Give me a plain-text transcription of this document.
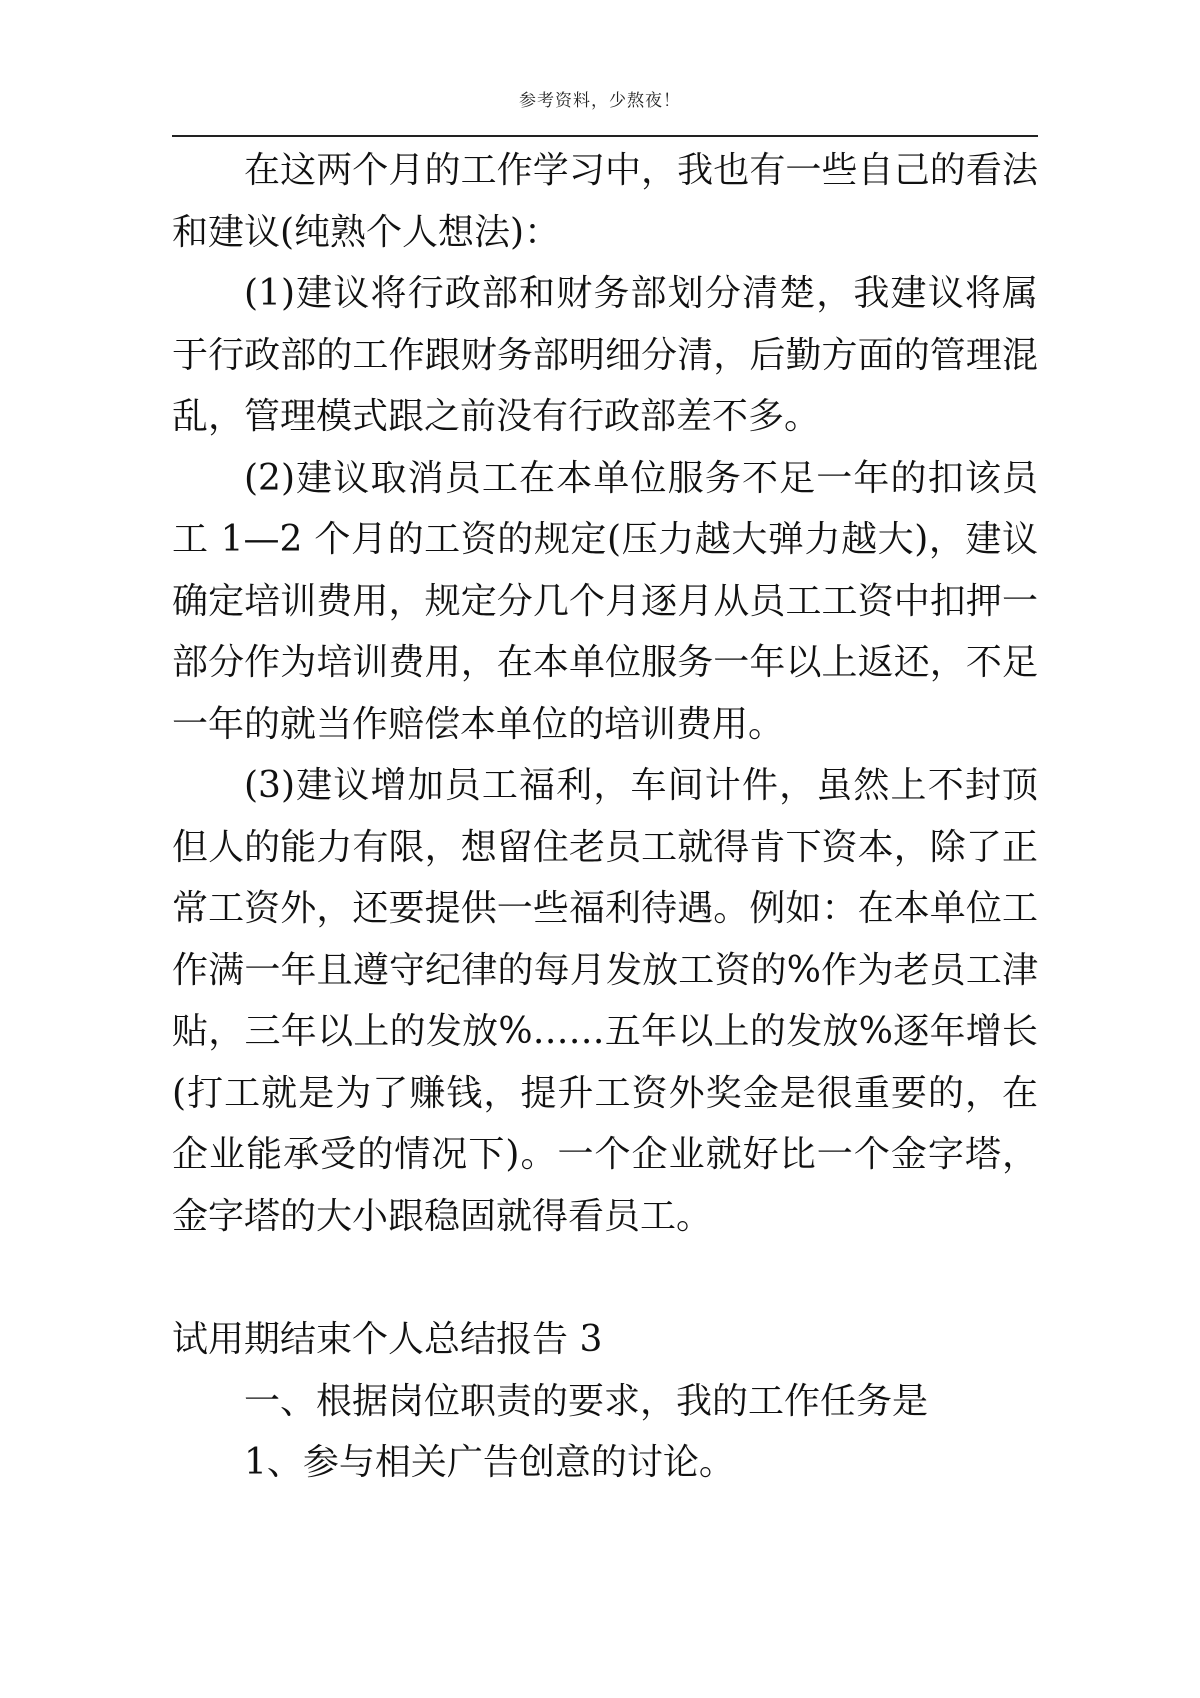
参考资料，少熬夜！

在这两个月的工作学习中，我也有一些自己的看法和建议(纯熟个人想法)：

(1)建议将行政部和财务部划分清楚，我建议将属于行政部的工作跟财务部明细分清，后勤方面的管理混乱，管理模式跟之前没有行政部差不多。

(2)建议取消员工在本单位服务不足一年的扣该员工 1—2 个月的工资的规定(压力越大弹力越大)，建议确定培训费用，规定分几个月逐月从员工工资中扣押一部分作为培训费用，在本单位服务一年以上返还，不足一年的就当作赔偿本单位的培训费用。

(3)建议增加员工福利，车间计件，虽然上不封顶但人的能力有限，想留住老员工就得肯下资本，除了正常工资外，还要提供一些福利待遇。例如：在本单位工作满一年且遵守纪律的每月发放工资的%作为老员工津贴，三年以上的发放%……五年以上的发放%逐年增长(打工就是为了赚钱，提升工资外奖金是很重要的，在企业能承受的情况下)。一个企业就好比一个金字塔，金字塔的大小跟稳固就得看员工。

试用期结束个人总结报告 3

一、根据岗位职责的要求，我的工作任务是

1、参与相关广告创意的讨论。
